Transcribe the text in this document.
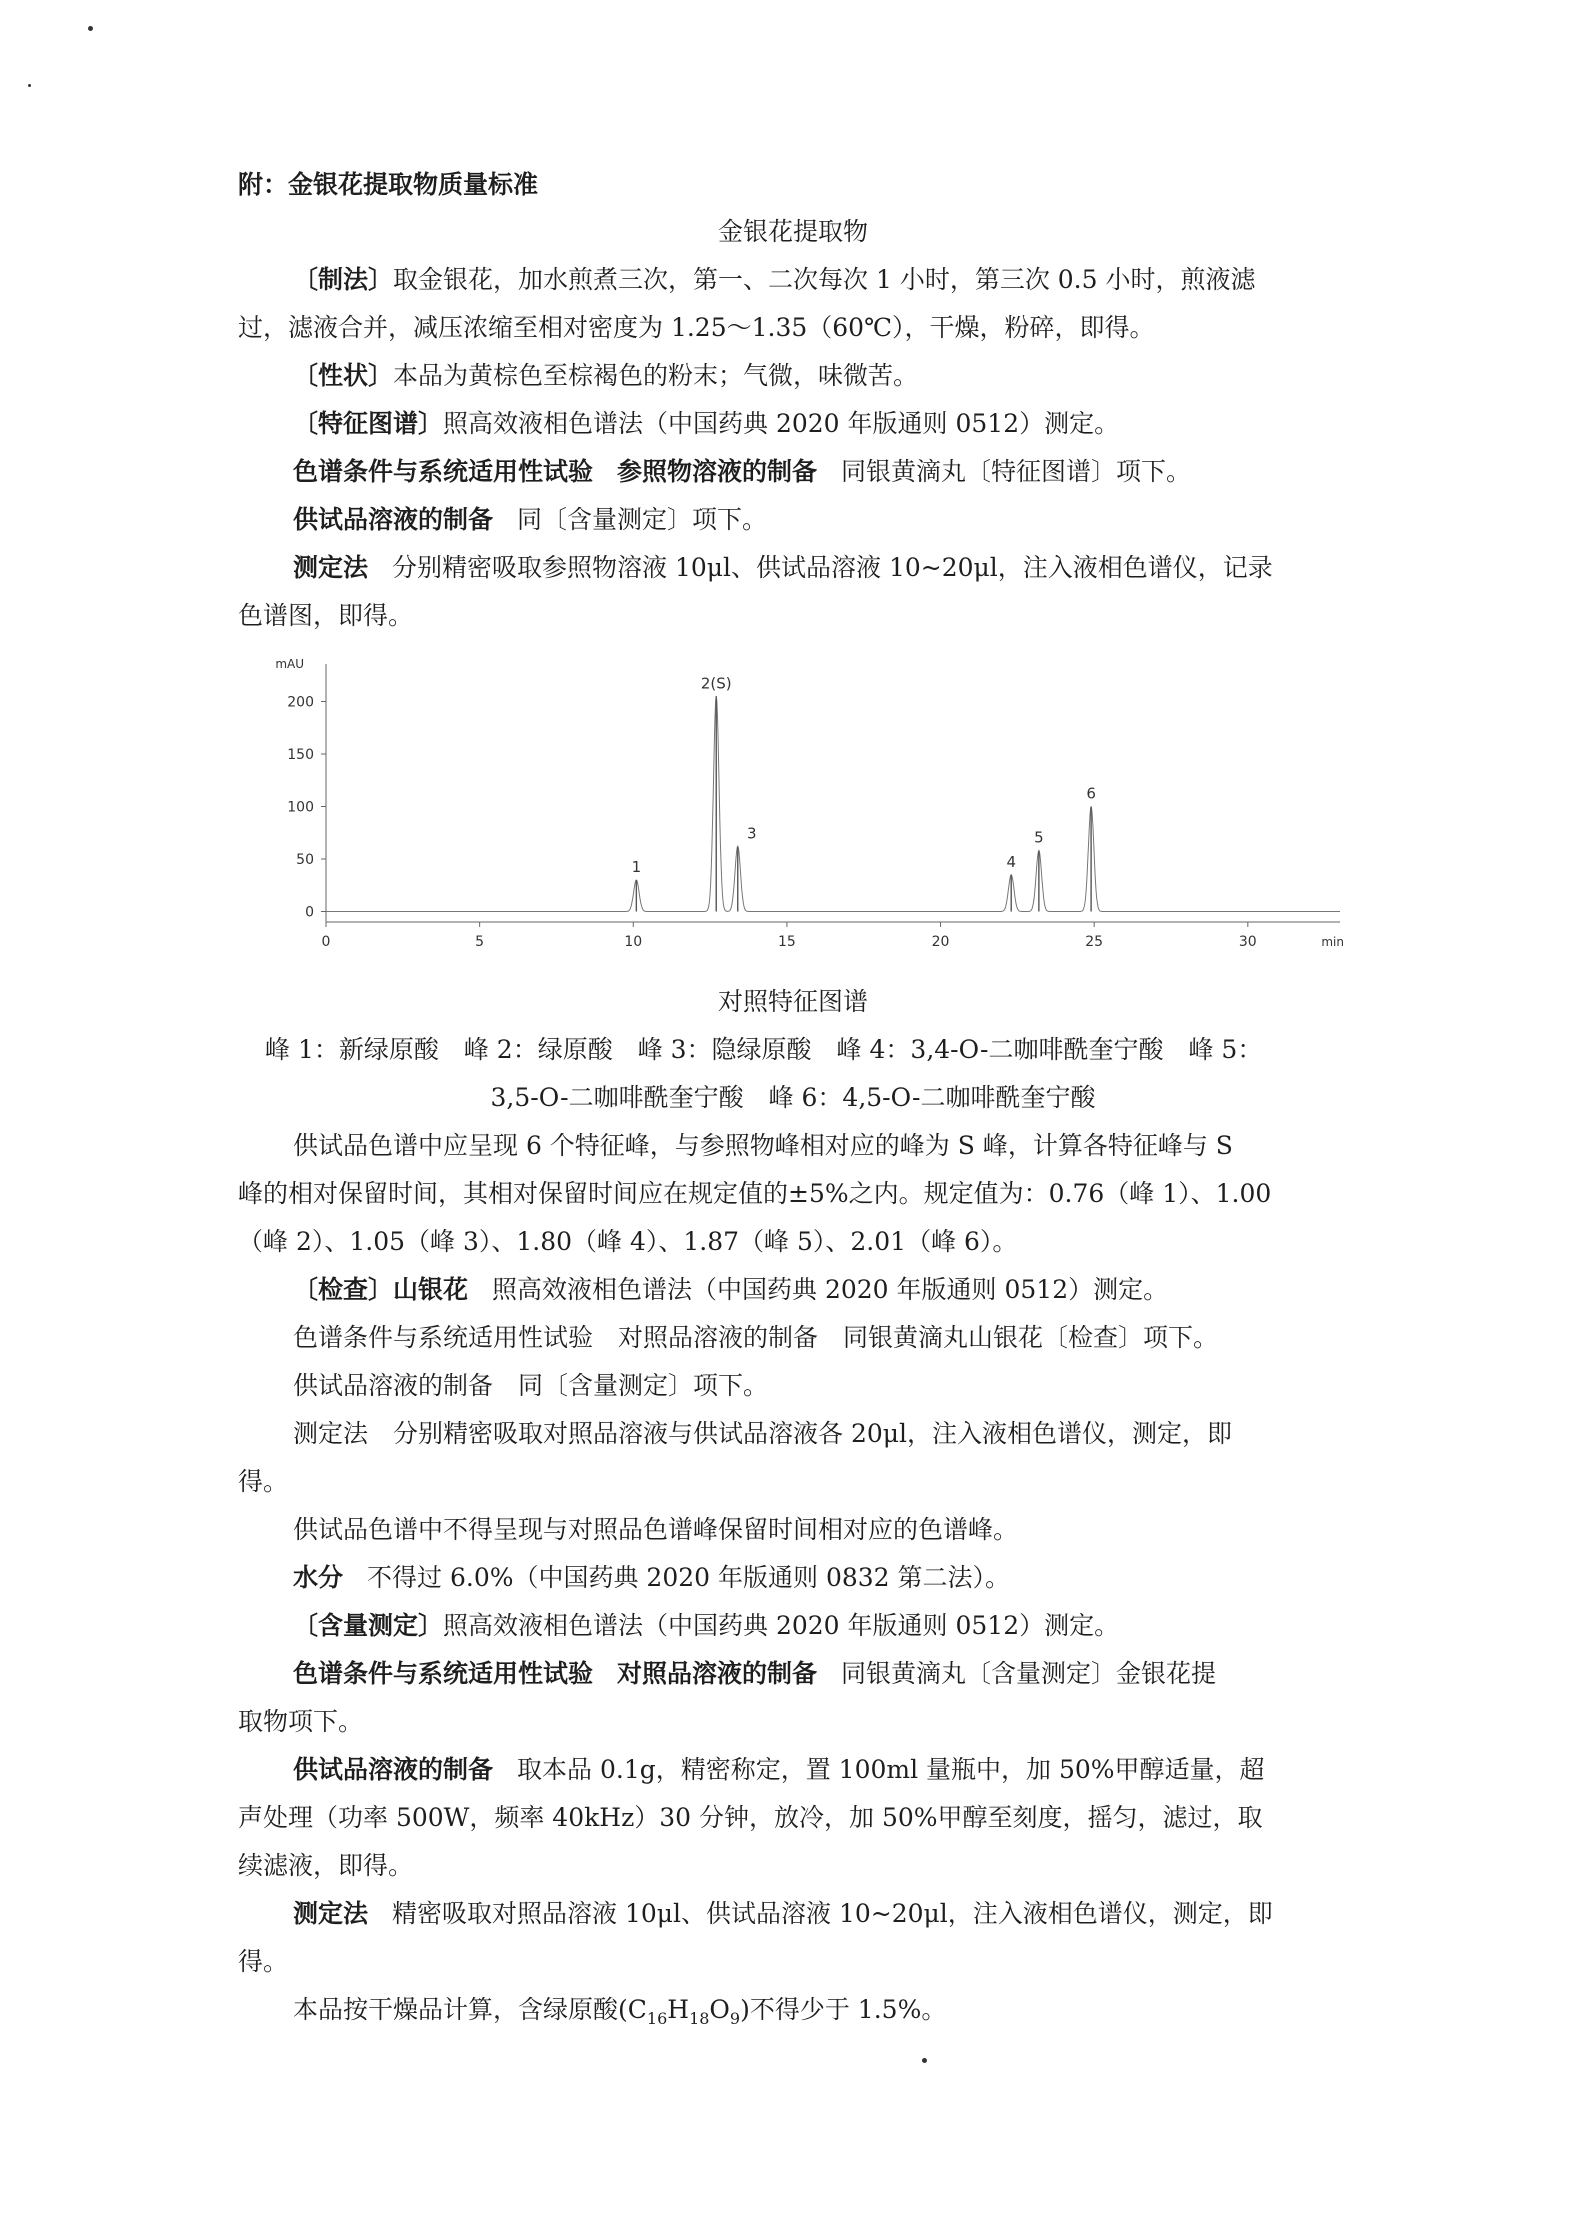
附：金银花提取物质量标准
金银花提取物
〔制法〕取金银花，加水煎煮三次，第一、二次每次 1 小时，第三次 0.5 小时，煎液滤
过，滤液合并，减压浓缩至相对密度为 1.25～1.35（60℃），干燥，粉碎，即得。
〔性状〕本品为黄棕色至棕褐色的粉末；气微，味微苦。
〔特征图谱〕照高效液相色谱法（中国药典 2020 年版通则 0512）测定。
色谱条件与系统适用性试验 参照物溶液的制备 同银黄滴丸〔特征图谱〕项下。
供试品溶液的制备 同〔含量测定〕项下。
测定法 分别精密吸取参照物溶液 10μl、供试品溶液 10~20μl，注入液相色谱仪，记录
色谱图，即得。
mAU
min
0
50
100
150
200
0	5	10	15	20	25	30
1
2(S)
3
4
5
6
对照特征图谱
峰 1：新绿原酸　峰 2：绿原酸　峰 3：隐绿原酸　峰 4：3,4-O-二咖啡酰奎宁酸　峰 5：
3,5-O-二咖啡酰奎宁酸　峰 6：4,5-O-二咖啡酰奎宁酸
供试品色谱中应呈现 6 个特征峰，与参照物峰相对应的峰为 S 峰，计算各特征峰与 S
峰的相对保留时间，其相对保留时间应在规定值的±5%之内。规定值为：0.76（峰 1）、1.00
（峰 2）、1.05（峰 3）、1.80（峰 4）、1.87（峰 5）、2.01（峰 6）。
〔检查〕山银花 照高效液相色谱法（中国药典 2020 年版通则 0512）测定。
色谱条件与系统适用性试验　对照品溶液的制备　同银黄滴丸山银花〔检查〕项下。
供试品溶液的制备　同〔含量测定〕项下。
测定法　分别精密吸取对照品溶液与供试品溶液各 20μl，注入液相色谱仪，测定，即
得。
供试品色谱中不得呈现与对照品色谱峰保留时间相对应的色谱峰。
水分 不得过 6.0%（中国药典 2020 年版通则 0832 第二法）。
〔含量测定〕照高效液相色谱法（中国药典 2020 年版通则 0512）测定。
色谱条件与系统适用性试验 对照品溶液的制备 同银黄滴丸〔含量测定〕金银花提
取物项下。
供试品溶液的制备 取本品 0.1g，精密称定，置 100ml 量瓶中，加 50%甲醇适量，超
声处理（功率 500W，频率 40kHz）30 分钟，放冷，加 50%甲醇至刻度，摇匀，滤过，取
续滤液，即得。
测定法 精密吸取对照品溶液 10μl、供试品溶液 10~20μl，注入液相色谱仪，测定，即
得。
本品按干燥品计算，含绿原酸$(C_{16}H_{18}O_9)$不得少于 1.5%。
